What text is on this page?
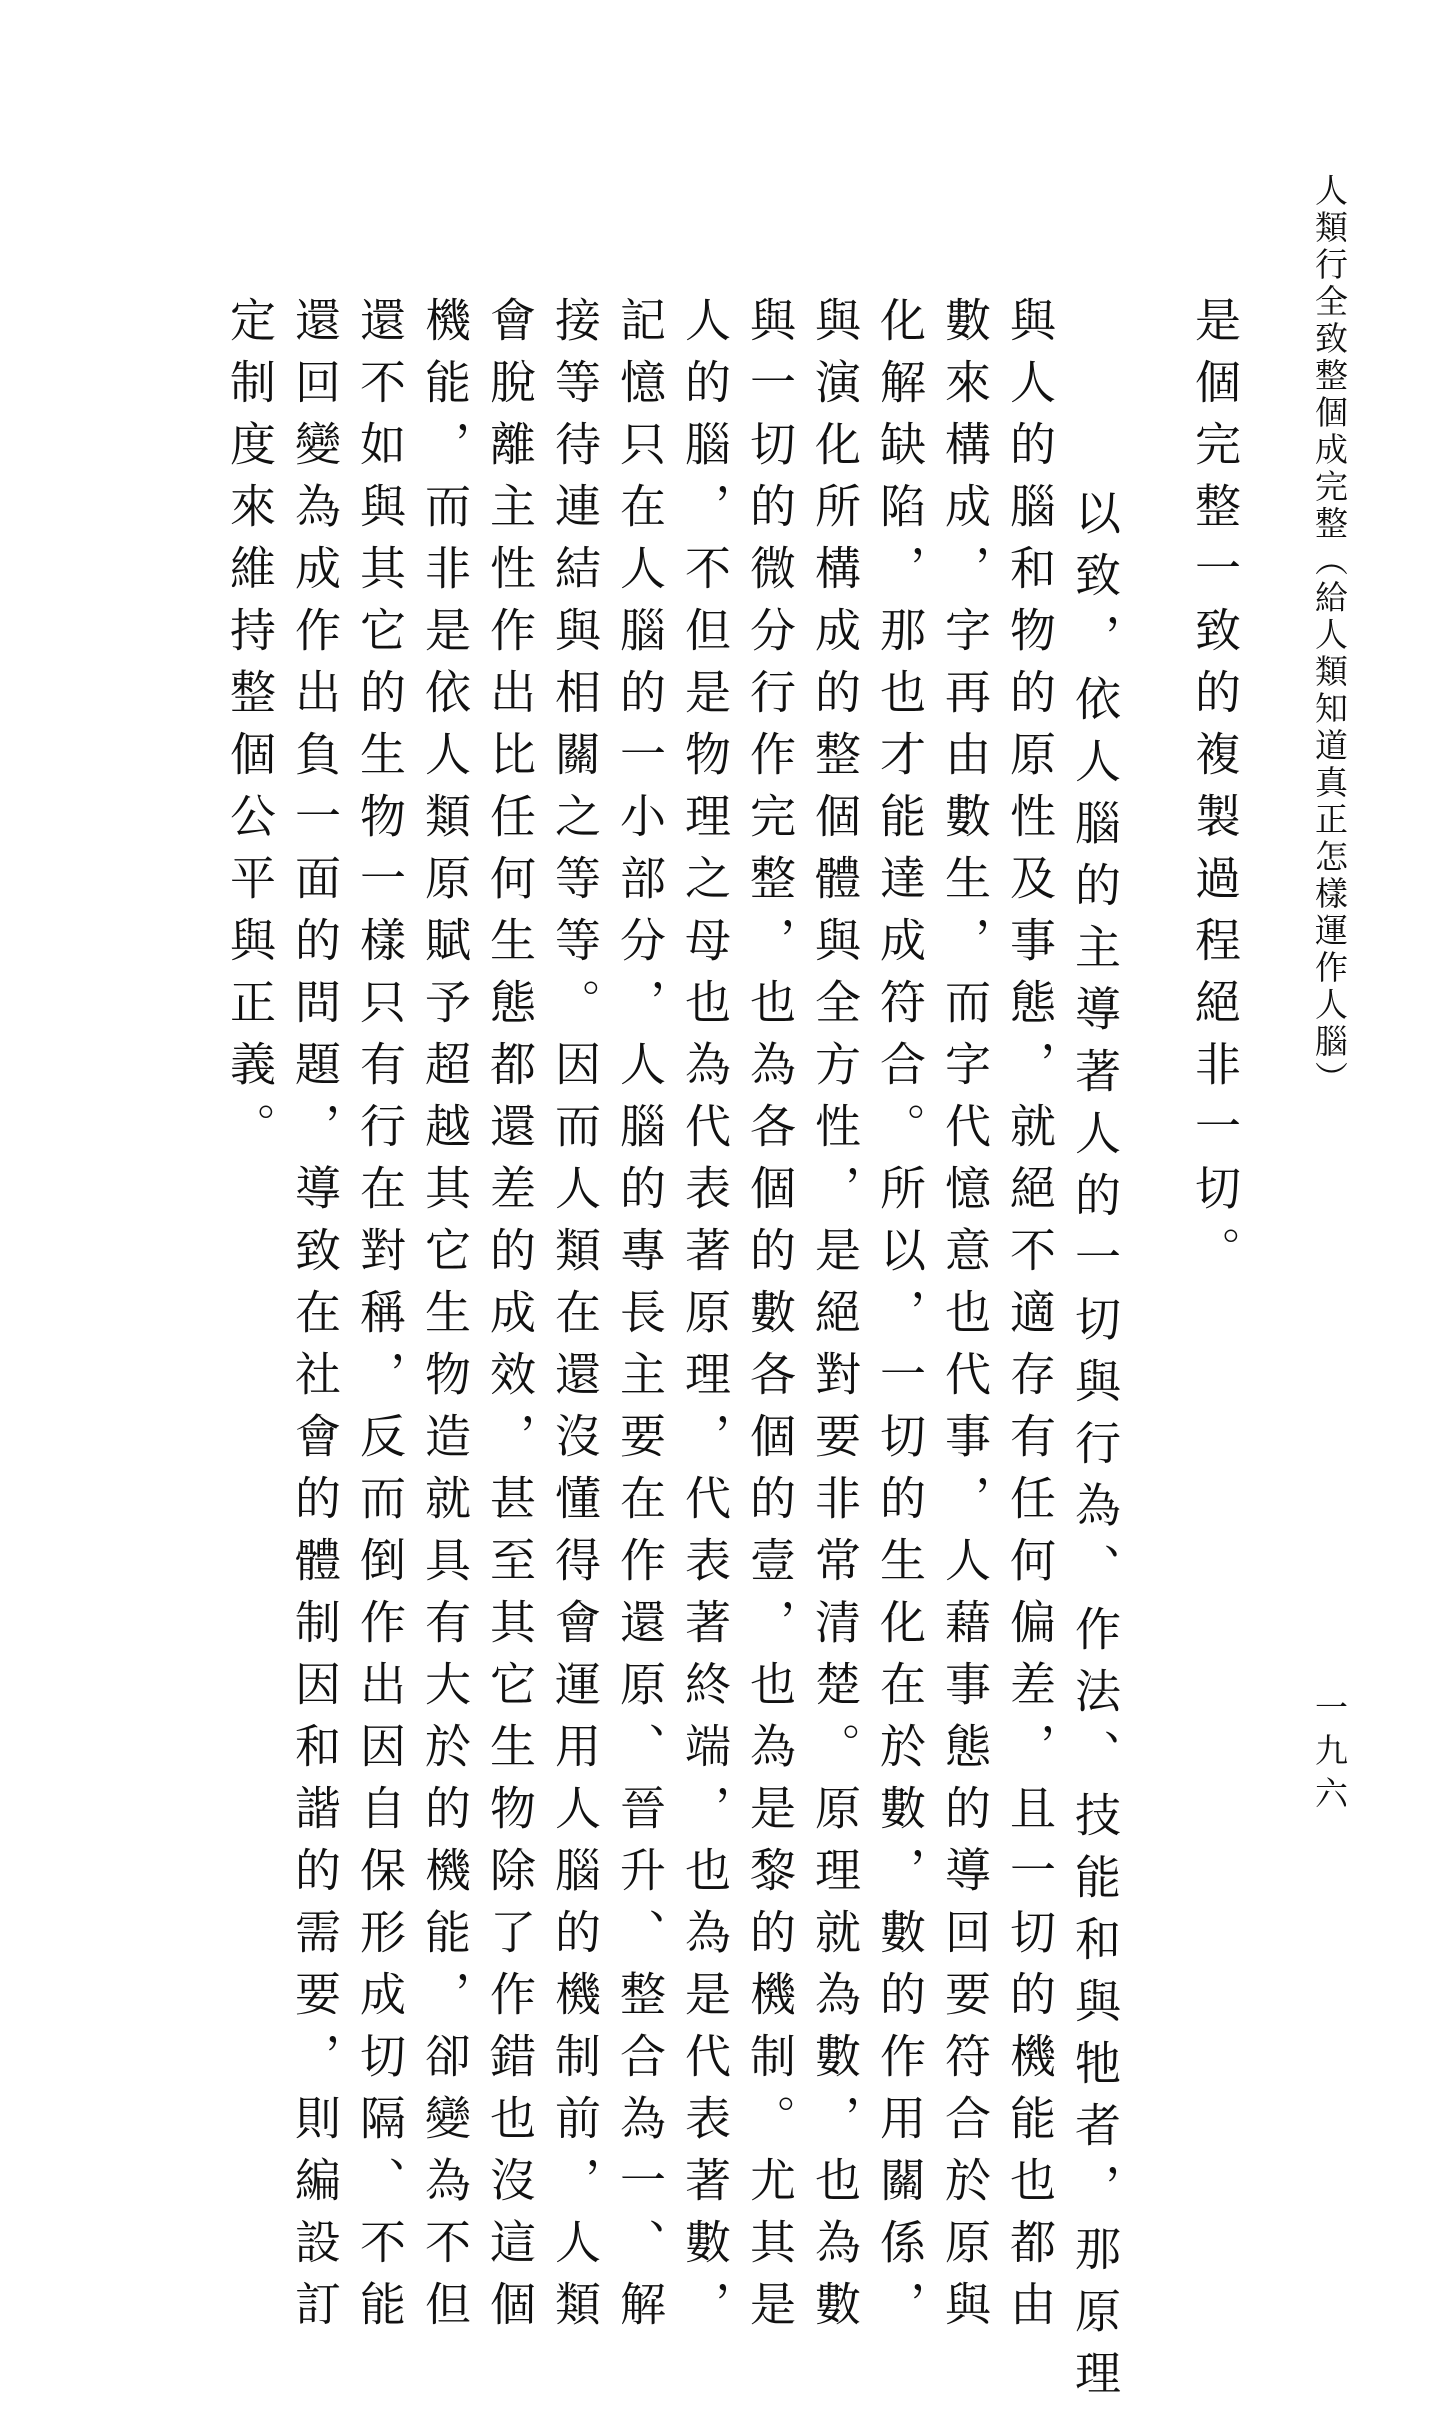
人類行全致整個成完整（給人類知道真正怎樣運作人腦）
一九六
是個完整一致的複製過程絕非一切。
　以致，依人腦的主導著人的一切與行為、作法、技能和與牠者，那原理
與人的腦和物的原性及事態，就絕不適存有任何偏差，且一切的機能也都由
數來構成，字再由數生，而字代憶意也代事，人藉事態的導回要符合於原與
化解缺陷，那也才能達成符合。所以，一切的生化在於數，數的作用關係，
與演化所構成的整個體與全方性，是絕對要非常清楚。原理就為數，也為數
與一切的微分行作完整，也為各個的數各個的壹，也為是黎的機制。尤其是
人的腦，不但是物理之母也為代表著原理，代表著終端，也為是代表著數，
記憶只在人腦的一小部分，人腦的專長主要在作還原、晉升、整合為一、解
接等待連結與相關之等等。因而人類在還沒懂得會運用人腦的機制前，人類
會脫離主性作出比任何生態都還差的成效，甚至其它生物除了作錯也沒這個
機能，而非是依人類原賦予超越其它生物造就具有大於的機能，卻變為不但
還不如與其它的生物一樣只有行在對稱，反而倒作出因自保形成切隔、不能
還回變為成作出負一面的問題，導致在社會的體制因和諧的需要，則編設訂
定制度來維持整個公平與正義。
